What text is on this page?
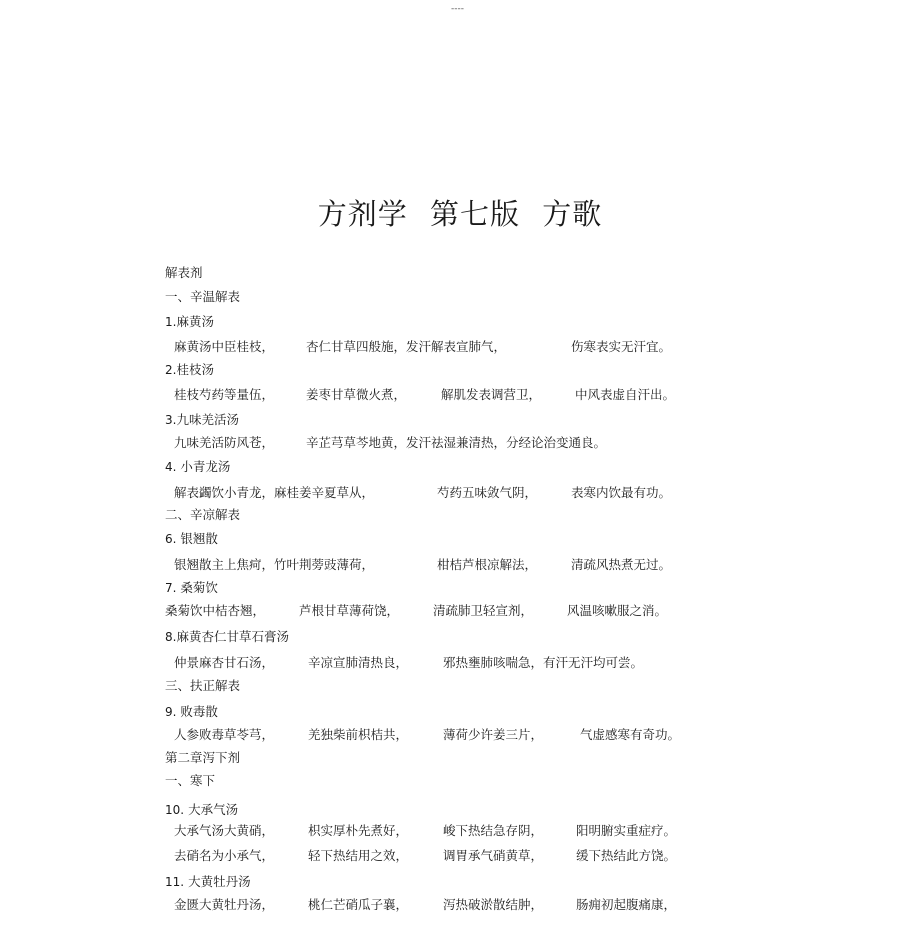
----
方剂学 第七版 方歌
解表剂
一、辛温解表
1.麻黄汤
麻黄汤中臣桂枝，	杏仁甘草四般施，发汗解表宣肺气，	伤寒表实无汗宜。
2.桂枝汤
桂枝芍药等量伍，	姜枣甘草微火煮，	解肌发表调营卫，	中风表虚自汗出。
3.九味羌活汤
九味羌活防风苍，	辛芷芎草芩地黄，发汗祛湿兼清热，分经论治变通良。
4. 小青龙汤
解表蠲饮小青龙，麻桂姜辛夏草从，	芍药五味敛气阴，	表寒内饮最有功。
二、辛凉解表
6. 银翘散
银翘散主上焦疴，竹叶荆蒡豉薄荷，	柑桔芦根凉解法，	清疏风热煮无过。
7. 桑菊饮
桑菊饮中桔杏翘，	芦根甘草薄荷饶，	清疏肺卫轻宣剂，	风温咳嗽服之消。
8.麻黄杏仁甘草石膏汤
仲景麻杏甘石汤，	辛凉宣肺清热良，	邪热壅肺咳喘急，有汗无汗均可尝。
三、扶正解表
9. 败毒散
人参败毒草苓芎，	羌独柴前枳桔共，	薄荷少许姜三片，	气虚感寒有奇功。
第二章泻下剂
一、寒下
10. 大承气汤
大承气汤大黄硝，	枳实厚朴先煮好，	峻下热结急存阴，	阳明腑实重症疗。
去硝名为小承气，	轻下热结用之效，	调胃承气硝黄草，	缓下热结此方饶。
11. 大黄牡丹汤
金匮大黄牡丹汤，	桃仁芒硝瓜子襄，	泻热破淤散结肿，	肠痈初起腹痛康，
